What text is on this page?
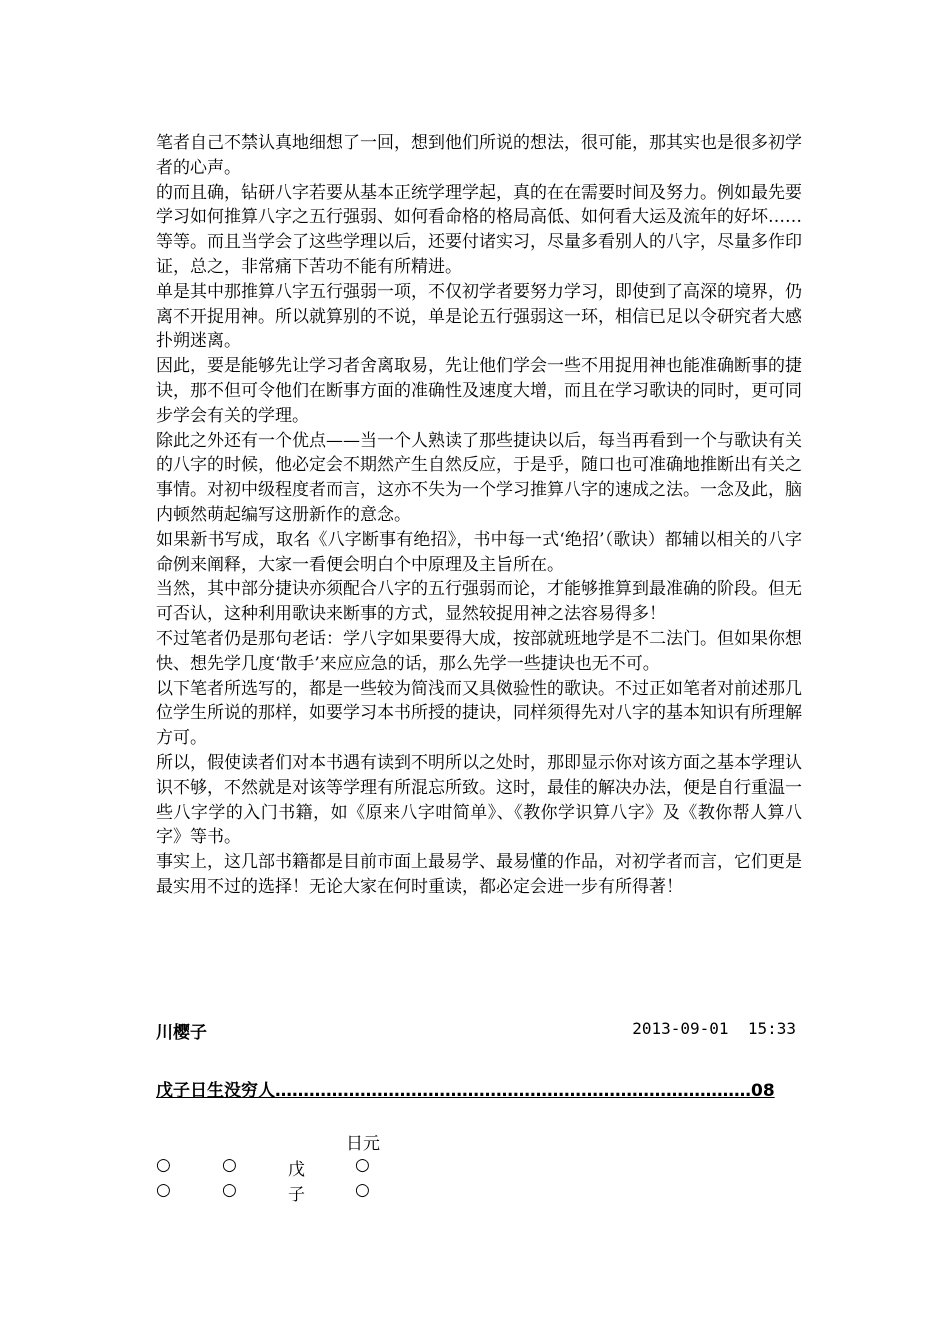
笔者自己不禁认真地细想了一回，想到他们所说的想法，很可能，那其实也是很多初学者的心声。

的而且确，钻研八字若要从基本正统学理学起，真的在在需要时间及努力。例如最先要学习如何推算八字之五行强弱、如何看命格的格局高低、如何看大运及流年的好坏……等等。而且当学会了这些学理以后，还要付诸实习，尽量多看别人的八字，尽量多作印证，总之，非常痛下苦功不能有所精进。

单是其中那推算八字五行强弱一项，不仅初学者要努力学习，即使到了高深的境界，仍离不开捉用神。所以就算别的不说，单是论五行强弱这一环，相信已足以令研究者大感扑朔迷离。

因此，要是能够先让学习者舍离取易，先让他们学会一些不用捉用神也能准确断事的捷诀，那不但可令他们在断事方面的准确性及速度大增，而且在学习歌诀的同时，更可同步学会有关的学理。

除此之外还有一个优点——当一个人熟读了那些捷诀以后，每当再看到一个与歌诀有关的八字的时候，他必定会不期然产生自然反应，于是乎，随口也可准确地推断出有关之事情。对初中级程度者而言，这亦不失为一个学习推算八字的速成之法。一念及此，脑内顿然萌起编写这册新作的意念。

如果新书写成，取名《八字断事有绝招》，书中每一式‘绝招’（歌诀）都辅以相关的八字命例来阐释，大家一看便会明白个中原理及主旨所在。

当然，其中部分捷诀亦须配合八字的五行强弱而论，才能够推算到最准确的阶段。但无可否认，这种利用歌诀来断事的方式，显然较捉用神之法容易得多！

不过笔者仍是那句老话：学八字如果要得大成，按部就班地学是不二法门。但如果你想快、想先学几度‘散手’来应应急的话，那么先学一些捷诀也无不可。

以下笔者所选写的，都是一些较为简浅而又具傚验性的歌诀。不过正如笔者对前述那几位学生所说的那样，如要学习本书所授的捷诀，同样须得先对八字的基本知识有所理解方可。

所以，假使读者们对本书遇有读到不明所以之处时，那即显示你对该方面之基本学理认识不够，不然就是对该等学理有所混忘所致。这时，最佳的解决办法，便是自行重温一些八字学的入门书籍，如《原来八字咁简单》、《教你学识算八字》及《教你帮人算八字》等书。

事实上，这几部书籍都是目前市面上最易学、最易懂的作品，对初学者而言，它们更是最实用不过的选择！无论大家在何时重读，都必定会进一步有所得著！

川樱子	2013-09-01  15:33
戊子日生没穷人…………………………………………………………………………08
日元
○	○	戊	○
○	○	子	○
